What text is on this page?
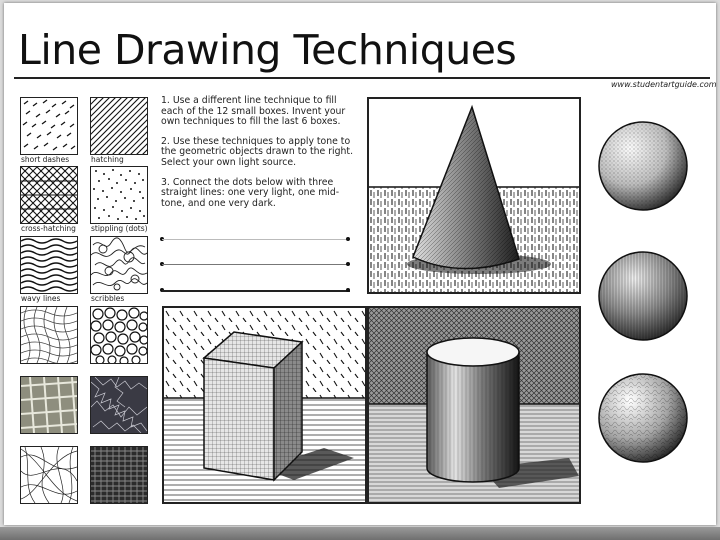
Line Drawing Techniques
www.studentartguide.com
short dashes	hatching
cross-hatching stippling (dots)
wavy lines	scribbles

1. Use a different line technique to fill each of the 12 small boxes. Invent your own techniques to fill the last 6 boxes.

2. Use these techniques to apply tone to the geometric objects drawn to the right. Select your own light source.

3. Connect the dots below with three straight lines: one very light, one mid-tone, and one very dark.
